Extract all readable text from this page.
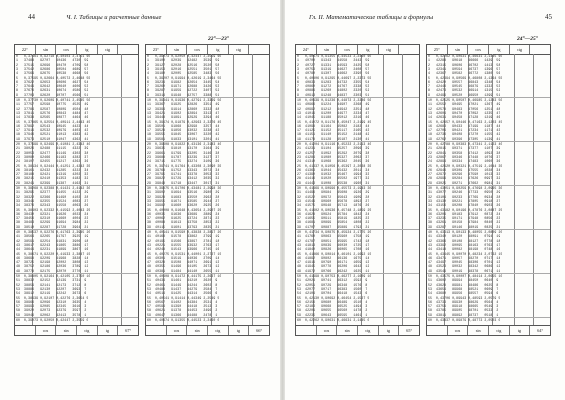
44	Ч. I. Таблицы и расчетные данные
22°—23°
22°	sin	cos	tg	ctg
0   0,37461 0,92718 0,40403 2,4751 60
1   37488   92707   40436   4730  59
2   37515   92696   40470   4709  58
3   37542   92686   40504   4689  57
4   37569   92675   40538   4668  56
5   0,37595 0,92664 0,40572 2,4648 55
6   37622   92653   40606   4627  54
7   37649   92642   40640   4606  53
8   37676   92631   40674   4586  52
9   37703   92620   40707   4566  51
10  0,37730 0,92609 0,40741 2,4545 50
11  37757   92598   40775   4525  49
12  37784   92587   40809   4504  48
13  37811   92576   40843   4484  47
14  37838   92565   40877   4464  46
15  0,37865 0,92554 0,40911 2,4443 45
16  37892   92543   40945   4423  44
17  37919   92532   40979   4403  43
18  37946   92521   41013   4383  42
19  37973   92510   41047   4362  41
20  0,37999 0,92499 0,41081 2,4342 40
21  38026   92488   41115   4322  39
22  38053   92477   41149   4302  38
23  38080   92466   41183   4282  37
24  38107   92455   41217   4262  36
25  0,38134 0,92444 0,41251 2,4242 35
26  38161   92432   41285   4222  34
27  38188   92421   41319   4202  33
28  38215   92410   41353   4182  32
29  38241   92399   41387   4162  31
30  0,38268 0,92388 0,41421 2,4142 30
31  38295   92377   41455   4122  29
32  38322   92366   41490   4102  28
33  38349   92355   41524   4083  27
34  38376   92343   41558   4063  26
35  0,38403 0,92332 0,41592 2,4043 25
36  38430   92321   41626   4023  24
37  38456   92310   41660   4004  23
38  38483   92299   41694   3984  22
39  38510   92287   41728   3964  21
40  0,38537 0,92276 0,41763 2,3945 20
41  38564   92265   41797   3925  19
42  38591   92254   41831   3906  18
43  38617   92243   41865   3886  17
44  38644   92231   41899   3867  16
45  0,38671 0,92220 0,41933 2,3847 15
46  38698   92209   41968   3828  14
47  38725   92198   42002   3808  13
48  38752   92186   42036   3789  12
49  38778   92175   42070   3770  11
50  0,38805 0,92164 0,42105 2,3750 10
51  38832   92152   42139   3731  9
52  38859   92141   42173   3712  8
53  38886   92130   42207   3693  7
54  38912   92119   42242   3673  6
55  0,38939 0,92107 0,42276 2,3654 5
56  38966   92096   42310   3635  4
57  38993   92085   42345   3616  3
58  39020   92073   42379   3597  2
59  39046   92062   42413   3578  1
60  0,39073 0,92050 0,42447 2,3559 0
cos	sin	ctg	tg	67°
23°	sin	cos	tg	ctg
0   0,39073 0,92050 0,42447 2,3559 60
1   39100   92039   42482   3539  59
2   39127   92028   42516   3520  58
3   39153   92016   42551   3501  57
4   39180   92005   42585   3483  56
5   0,39207 0,91994 0,42619 2,3464 55
6   39234   91982   42654   3445  54
7   39260   91971   42688   3426  53
8   39287   91959   42722   3407  52
9   39314   91948   42757   3388  51
10  0,39341 0,91936 0,42791 2,3369 50
11  39367   91925   42826   3351  49
12  39394   91914   42860   3332  48
13  39421   91902   42894   3313  47
14  39448   91891   42929   3294  46
15  0,39474 0,91879 0,42963 2,3276 45
16  39501   91868   42998   3257  44
17  39528   91856   43032   3238  43
18  39555   91845   43067   3220  42
19  39581   91833   43101   3201  41
20  0,39608 0,91822 0,43136 2,3183 40
21  39635   91810   43170   3164  39
22  39661   91799   43205   3146  38
23  39688   91787   43239   3127  37
24  39715   91775   43274   3109  36
25  0,39741 0,91764 0,43308 2,3090 35
26  39768   91752   43343   3072  34
27  39795   91741   43378   3053  33
28  39822   91729   43412   3035  32
29  39848   91718   43447   3017  31
30  0,39875 0,91706 0,43481 2,2998 30
31  39902   91694   43516   2980  29
32  39928   91683   43550   2962  28
33  39955   91671   43585   2944  27
34  39982   91660   43620   2925  26
35  0,40008 0,91648 0,43654 2,2907 25
36  40035   91636   43689   2889  24
37  40062   91625   43724   2871  23
38  40088   91613   43758   2853  22
39  40115   91601   43793   2835  21
40  0,40141 0,91590 0,43828 2,2817 20
41  40168   91578   43862   2799  19
42  40195   91566   43897   2781  18
43  40221   91555   43932   2763  17
44  40248   91543   43966   2745  16
45  0,40275 0,91531 0,44001 2,2727 15
46  40301   91519   44036   2709  14
47  40328   91508   44071   2691  13
48  40355   91496   44105   2673  12
49  40381   91484   44140   2655  11
50  0,40408 0,91472 0,44175 2,2637 10
51  40434   91461   44210   2620  9
52  40461   91449   44244   2602  8
53  40488   91437   44279   2584  7
54  40514   91425   44314   2566  6
55  0,40541 0,91414 0,44349 2,2549 5
56  40567   91402   44384   2531  4
57  40594   91390   44418   2513  3
58  40621   91378   44453   2496  2
59  40647   91366   44488   2478  1
60  0,40674 0,91355 0,44523 2,2460 0
cos	sin	ctg	tg	66°
Гл. II. Математические таблицы и формулы	45
24°—25°
24°	sin	cos	tg	ctg
0   0,40674 0,91355 0,44523 2,2460 60
1   40700   91343   44558   2443  59
2   40727   91331   44593   2425  58
3   40753   91319   44627   2408  57
4   40780   91307   44662   2390  56
5   0,40806 0,91295 0,44697 2,2373 55
6   40833   91283   44732   2355  54
7   40860   91272   44767   2338  53
8   40886   91260   44802   2320  52
9   40913   91248   44837   2303  51
10  0,40939 0,91236 0,44872 2,2286 50
11  40966   91224   44907   2268  49
12  40992   91212   44942   2251  48
13  41019   91200   44977   2234  47
14  41045   91188   45012   2216  46
15  0,41072 0,91176 0,45047 2,2199 45
16  41098   91164   45082   2182  44
17  41125   91152   45117   2165  43
18  41151   91140   45152   2148  42
19  41178   91128   45187   2130  41
20  0,41204 0,91116 0,45222 2,2113 40
21  41231   91104   45257   2096  39
22  41257   91092   45292   2079  38
23  41284   91080   45327   2062  37
24  41310   91068   45362   2045  36
25  0,41337 0,91056 0,45397 2,2028 35
26  41363   91044   45432   2011  34
27  41390   91032   45467   1994  33
28  41416   91020   45502   1977  32
29  41443   91008   45538   1960  31
30  0,41469 0,90996 0,45573 2,1943 30
31  41496   90984   45608   1926  29
32  41522   90972   45643   1909  28
33  41549   90960   45678   1892  27
34  41575   90948   45713   1876  26
35  0,41602 0,90936 0,45748 2,1859 25
36  41628   90924   45784   1842  24
37  41655   90911   45819   1825  23
38  41681   90899   45854   1808  22
39  41707   90887   45889   1792  21
40  0,41734 0,90875 0,45924 2,1775 20
41  41760   90863   45960   1758  19
42  41787   90851   45995   1742  18
43  41813   90839   46030   1725  17
44  41840   90826   46065   1708  16
45  0,41866 0,90814 0,46101 2,1692 15
46  41892   90802   46136   1675  14
47  41919   90790   46171   1659  13
48  41945   90778   46206   1642  12
49  41972   90766   46242   1625  11
50  0,41998 0,90753 0,46277 2,1609 10
51  42024   90741   46312   1592  9
52  42051   90729   46348   1576  8
53  42077   90717   46383   1560  7
54  42104   90704   46418   1543  6
55  0,42130 0,90692 0,46454 2,1527 5
56  42156   90680   46489   1510  4
57  42183   90668   46525   1494  3
58  42209   90655   46560   1478  2
59  42235   90643   46595   1461  1
60  0,42262 0,90631 0,46631 2,1445 0
cos	sin	ctg	tg	65°
25°	sin	cos	tg	ctg
0   0,42262 0,90631 0,46631 2,1445 60
1   42288   90618   46666   1429  59
2   42315   90606   46702   1413  58
3   42341   90594   46737   1396  57
4   42367   90582   46772   1380  56
5   0,42394 0,90569 0,46808 2,1364 55
6   42420   90557   46843   1348  54
7   42446   90545   46879   1332  53
8   42473   90532   46914   1315  52
9   42499   90520   46950   1299  51
10  0,42525 0,90507 0,46985 2,1283 50
11  42552   90495   47021   1267  49
12  42578   90483   47056   1251  48
13  42604   90470   47092   1235  47
14  42631   90458   47128   1219  46
15  0,42657 0,90446 0,47163 2,1203 45
16  42683   90433   47199   1187  44
17  42709   90421   47234   1171  43
18  42736   90408   47270   1155  42
19  42762   90396   47305   1139  41
20  0,42788 0,90383 0,47341 2,1123 40
21  42815   90371   47377   1107  39
22  42841   90358   47412   1092  38
23  42867   90346   47448   1076  37
24  42894   90334   47483   1060  36
25  0,42920 0,90321 0,47519 2,1044 35
26  42946   90309   47555   1028  34
27  42972   90296   47590   1013  33
28  42999   90284   47626   0997  32
29  43025   90271   47662   0981  31
30  0,43051 0,90259 0,47698 2,0965 30
31  43077   90246   47733   0950  29
32  43104   90233   47769   0934  28
33  43130   90221   47805   0918  27
34  43156   90208   47840   0903  26
35  0,43182 0,90196 0,47876 2,0887 25
36  43209   90183   47912   0872  24
37  43235   90171   47948   0856  23
38  43261   90158   47984   0840  22
39  43287   90146   48019   0825  21
40  0,43313 0,90133 0,48055 2,0809 20
41  43340   90120   48091   0794  19
42  43366   90108   48127   0778  18
43  43392   90095   48163   0763  17
44  43418   90082   48198   0748  16
45  0,43445 0,90070 0,48234 2,0732 15
46  43471   90057   48270   0717  14
47  43497   90045   48306   0701  13
48  43523   90032   48342   0686  12
49  43549   90019   48378   0671  11
50  0,43575 0,90007 0,48414 2,0655 10
51  43602   89994   48450   0640  9
52  43628   89981   48486   0625  8
53  43654   89968   48521   0609  7
54  43680   89956   48557   0594  6
55  0,43706 0,89943 0,48593 2,0579 5
56  43733   89930   48629   0564  4
57  43759   89918   48665   0549  3
58  43785   89905   48701   0533  2
59  43811   89892   48737   0518  1
60  0,43837 0,89879 0,48773 2,0503 0
cos	sin	ctg	tg	64°
